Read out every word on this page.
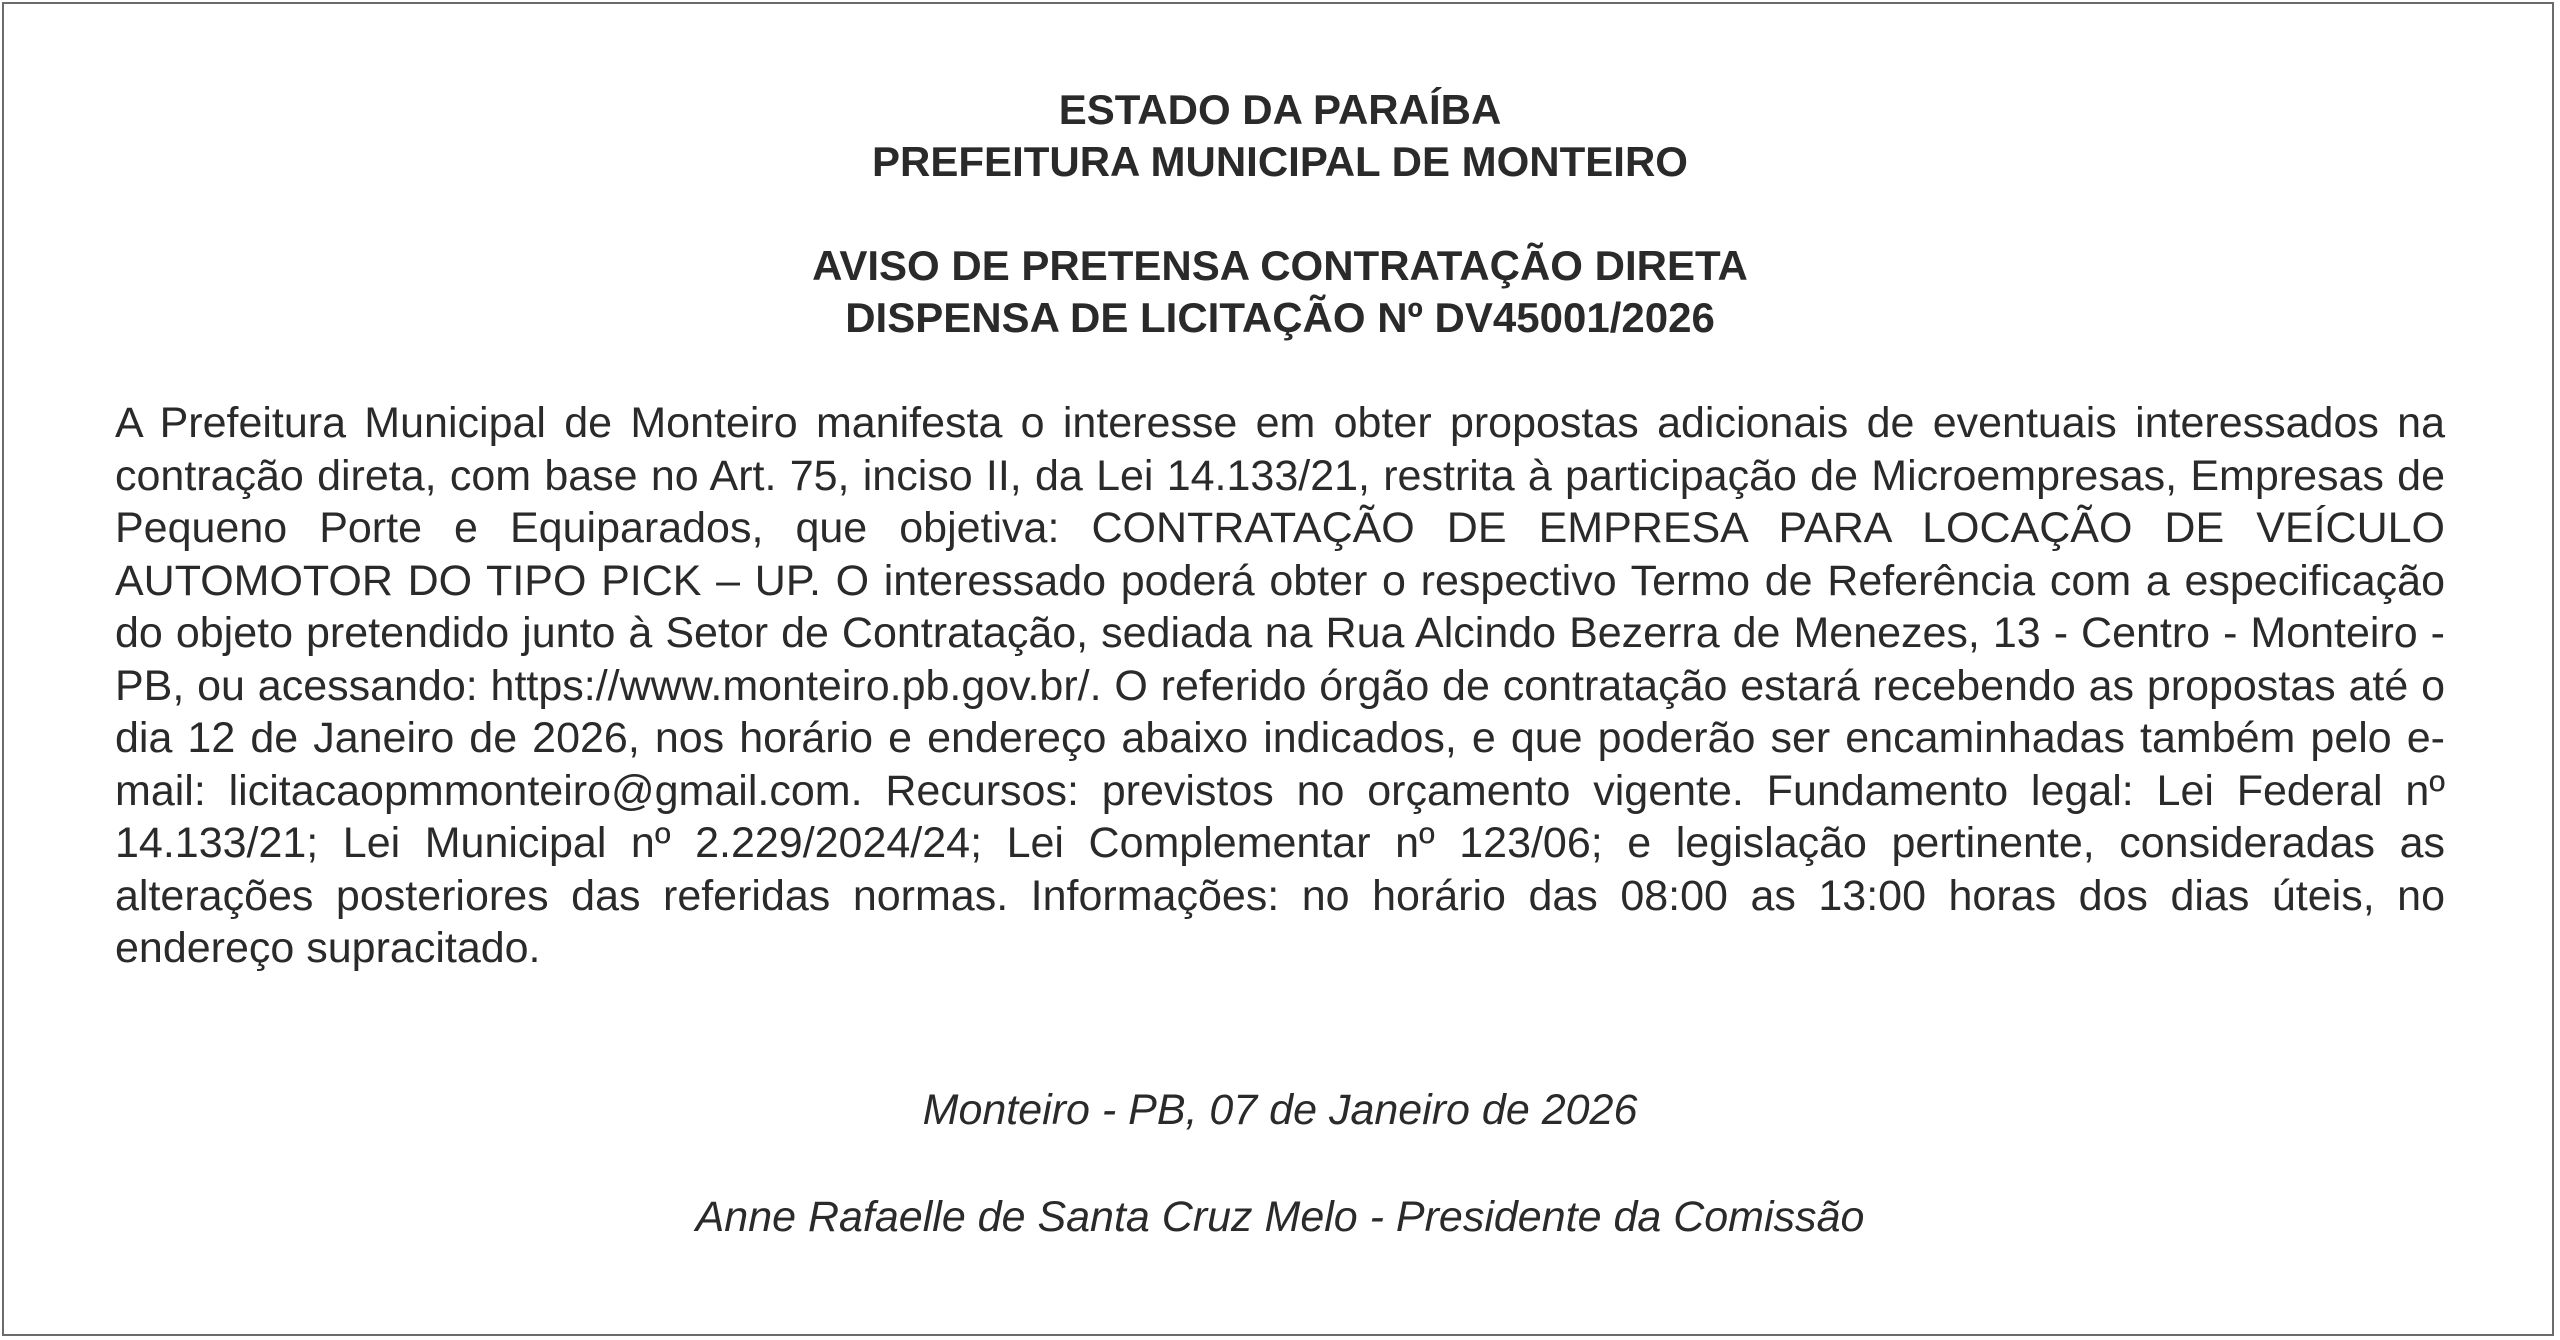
ESTADO DA PARAÍBA
PREFEITURA MUNICIPAL DE MONTEIRO
AVISO DE PRETENSA CONTRATAÇÃO DIRETA
DISPENSA DE LICITAÇÃO Nº DV45001/2026
A Prefeitura Municipal de Monteiro manifesta o interesse em obter propostas adicionais de eventuais interessados na contração direta, com base no Art. 75, inciso II, da Lei 14.133/21, restrita à participação de Microempresas, Empresas de Pequeno Porte e Equiparados, que objetiva: CONTRATAÇÃO DE EMPRESA PARA LOCAÇÃO DE VEÍCULO AUTOMOTOR DO TIPO PICK – UP. O interessado poderá obter o respectivo Termo de Referência com a especificação do objeto pretendido junto à Setor de Contratação, sediada na Rua Alcindo Bezerra de Menezes, 13 - Centro - Monteiro - PB, ou acessando: https://www.monteiro.pb.gov.br/. O referido órgão de contratação estará recebendo as propostas até o dia 12 de Janeiro de 2026, nos horário e endereço abaixo indicados, e que poderão ser encaminhadas também pelo e-mail: licitacaopmmonteiro@gmail.com. Recursos: previstos no orçamento vigente. Fundamento legal: Lei Federal nº 14.133/21; Lei Municipal nº 2.229/2024/24; Lei Complementar nº 123/06; e legislação pertinente, consideradas as alterações posteriores das referidas normas. Informações: no horário das 08:00 as 13:00 horas dos dias úteis, no endereço supracitado.
Monteiro - PB, 07 de Janeiro de 2026
Anne Rafaelle de Santa Cruz Melo - Presidente da Comissão
